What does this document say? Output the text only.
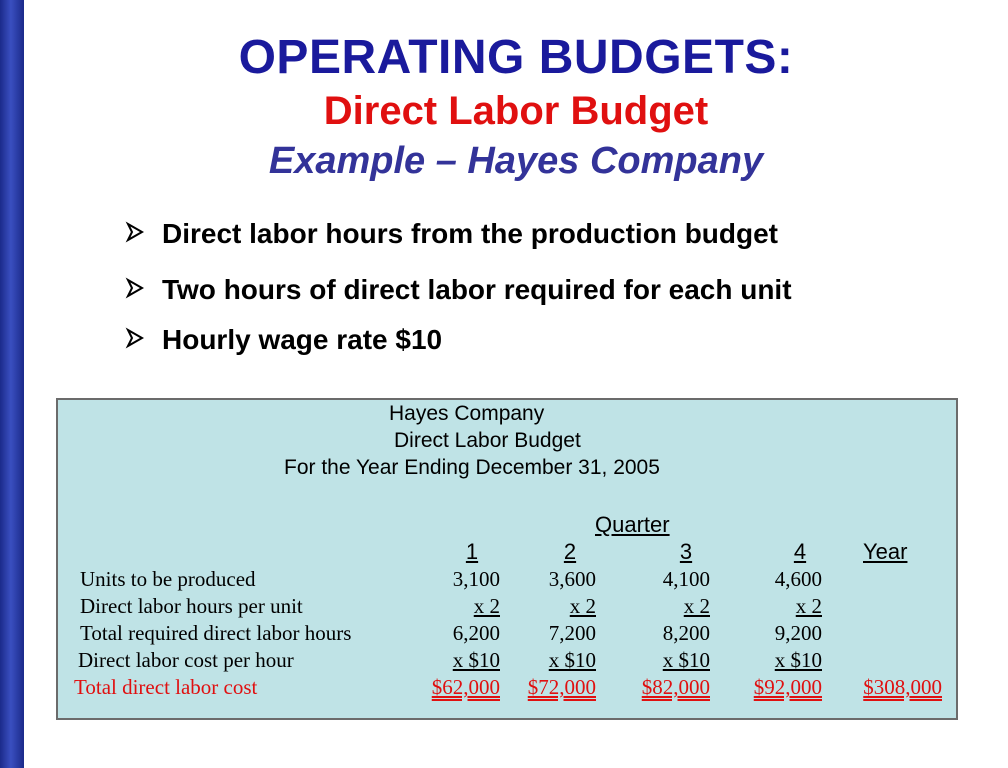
OPERATING BUDGETS:
Direct Labor Budget
Example – Hayes Company
Direct labor hours from the production budget
Two hours of direct labor required for each unit
Hourly wage rate $10
Hayes Company
Direct Labor Budget
For the Year Ending December 31, 2005
Quarter
1	2	3	4	Year
Units to be produced	3,100	3,600	4,100	4,600
Direct labor hours per unit	x 2	x 2	x 2	x 2
Total required direct labor hours	6,200	7,200	8,200	9,200
Direct labor cost per hour	x $10	x $10	x $10	x $10
Total direct labor cost	$62,000	$72,000	$82,000	$92,000	$308,000
